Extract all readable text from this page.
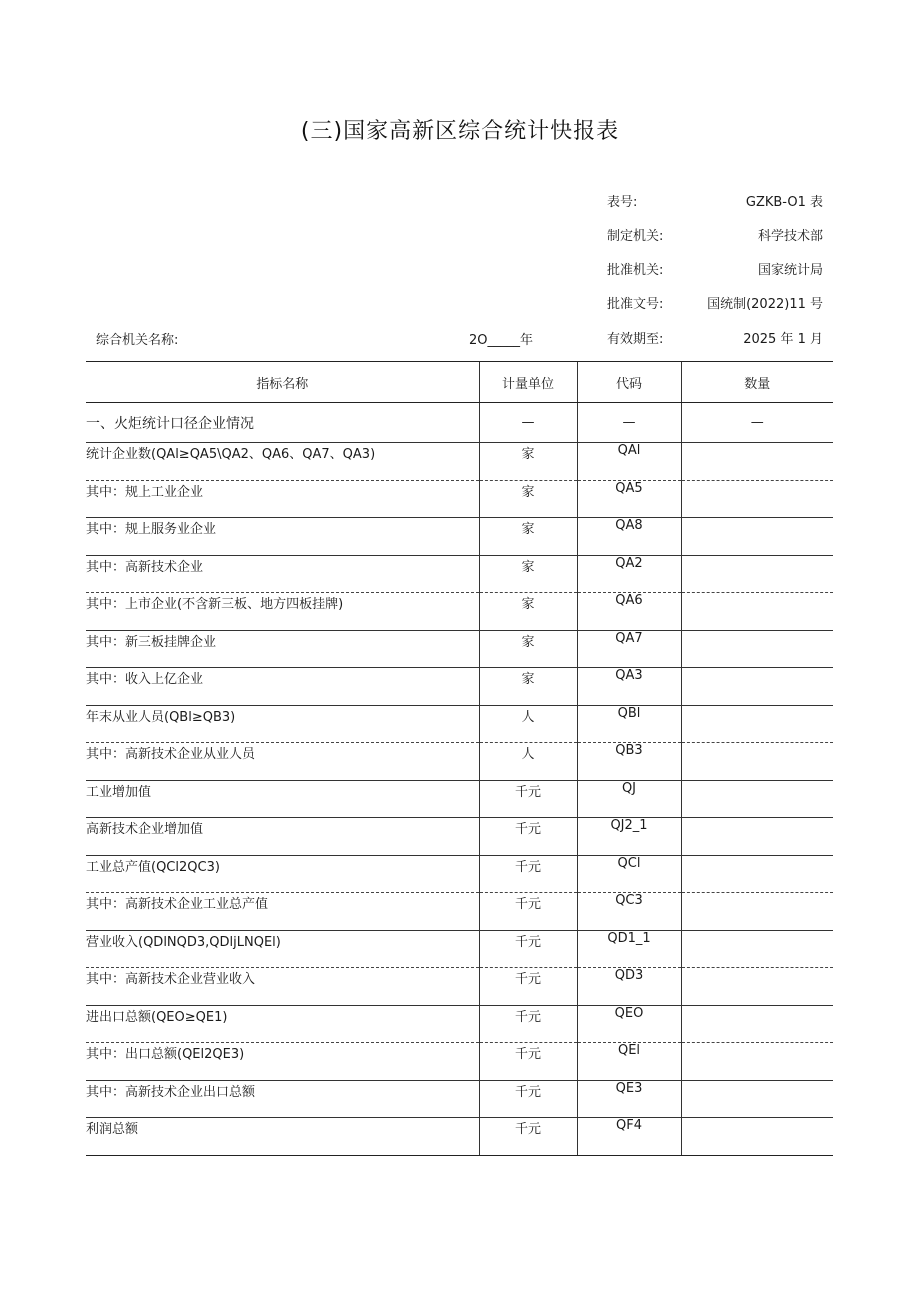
(三)国家高新区综合统计快报表
表号:	GZKB-O1 表
制定机关:	科学技术部
批准机关:	国家统计局
批准文号:	国统制(2022)11 号
有效期至:	2025 年 1 月
综合机关名称:	2O_____年
指标名称	计量单位	代码	数量
一、火炬统计口径企业情况	—	—	—
统计企业数(QAl≥QA5\QA2、QA6、QA7、QA3)	家	QAl	
其中：规上工业企业	家	QA5	
其中：规上服务业企业	家	QA8	
其中：高新技术企业	家	QA2	
其中：上市企业(不含新三板、地方四板挂牌)	家	QA6	
其中：新三板挂牌企业	家	QA7	
其中：收入上亿企业	家	QA3	
年末从业人员(QBl≥QB3)	人	QBl	
其中：高新技术企业从业人员	人	QB3	
工业增加值	千元	QJ	
高新技术企业增加值	千元	QJ2_1	
工业总产值(QCl2QC3)	千元	QCl	
其中：高新技术企业工业总产值	千元	QC3	
营业收入(QDlNQD3,QDljLNQEl)	千元	QD1_1	
其中：高新技术企业营业收入	千元	QD3	
进出口总额(QEO≥QE1)	千元	QEO	
其中：出口总额(QEl2QE3)	千元	QEl	
其中：高新技术企业出口总额	千元	QE3	
利润总额	千元	QF4	
